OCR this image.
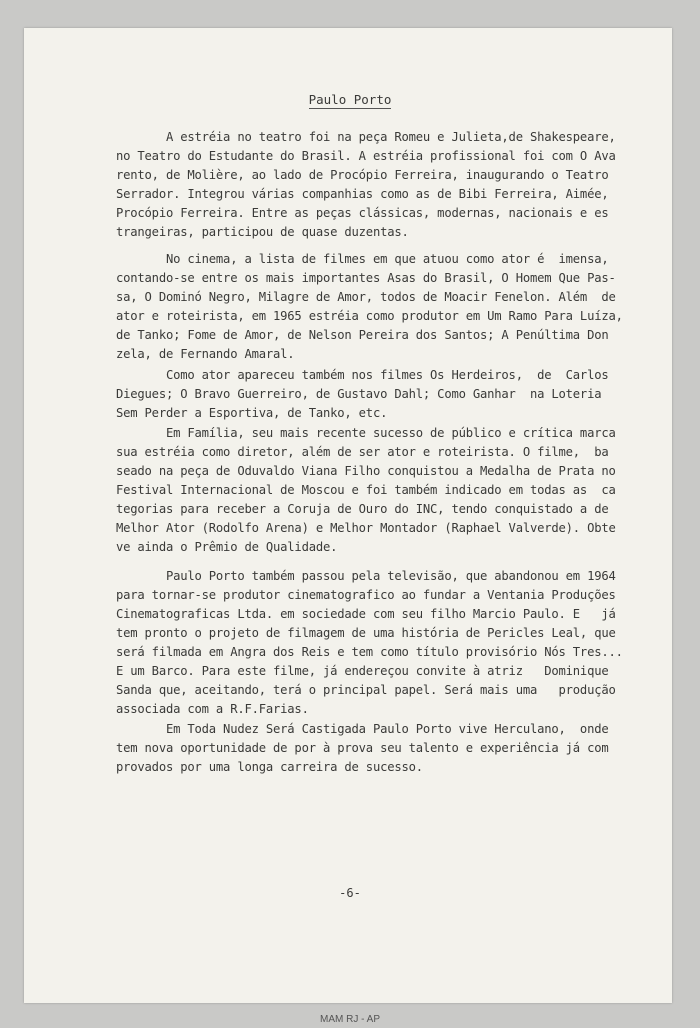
Paulo Porto
A estréia no teatro foi na peça Romeu e Julieta,de Shakespeare,
no Teatro do Estudante do Brasil. A estréia profissional foi com O Ava
rento, de Molière, ao lado de Procópio Ferreira, inaugurando o Teatro
Serrador. Integrou várias companhias como as de Bibi Ferreira, Aimée,
Procópio Ferreira. Entre as peças clássicas, modernas, nacionais e es
trangeiras, participou de quase duzentas.
No cinema, a lista de filmes em que atuou como ator é  imensa,
contando-se entre os mais importantes Asas do Brasil, O Homem Que Pas-
sa, O Dominó Negro, Milagre de Amor, todos de Moacir Fenelon. Além  de
ator e roteirista, em 1965 estréia como produtor em Um Ramo Para Luíza,
de Tanko; Fome de Amor, de Nelson Pereira dos Santos; A Penúltima Don
zela, de Fernando Amaral.
Como ator apareceu também nos filmes Os Herdeiros,  de  Carlos
Diegues; O Bravo Guerreiro, de Gustavo Dahl; Como Ganhar  na Loteria
Sem Perder a Esportiva, de Tanko, etc.
Em Família, seu mais recente sucesso de público e crítica marca
sua estréia como diretor, além de ser ator e roteirista. O filme,  ba
seado na peça de Oduvaldo Viana Filho conquistou a Medalha de Prata no
Festival Internacional de Moscou e foi também indicado em todas as  ca
tegorias para receber a Coruja de Ouro do INC, tendo conquistado a de
Melhor Ator (Rodolfo Arena) e Melhor Montador (Raphael Valverde). Obte
ve ainda o Prêmio de Qualidade.
Paulo Porto também passou pela televisão, que abandonou em 1964
para tornar-se produtor cinematografico ao fundar a Ventania Produções
Cinematograficas Ltda. em sociedade com seu filho Marcio Paulo. E   já
tem pronto o projeto de filmagem de uma história de Pericles Leal, que
será filmada em Angra dos Reis e tem como título provisório Nós Tres...
E um Barco. Para este filme, já endereçou convite à atriz   Dominique
Sanda que, aceitando, terá o principal papel. Será mais uma   produção
associada com a R.F.Farias.
Em Toda Nudez Será Castigada Paulo Porto vive Herculano,  onde
tem nova oportunidade de por à prova seu talento e experiência já com
provados por uma longa carreira de sucesso.
-6-
MAM RJ - AP
